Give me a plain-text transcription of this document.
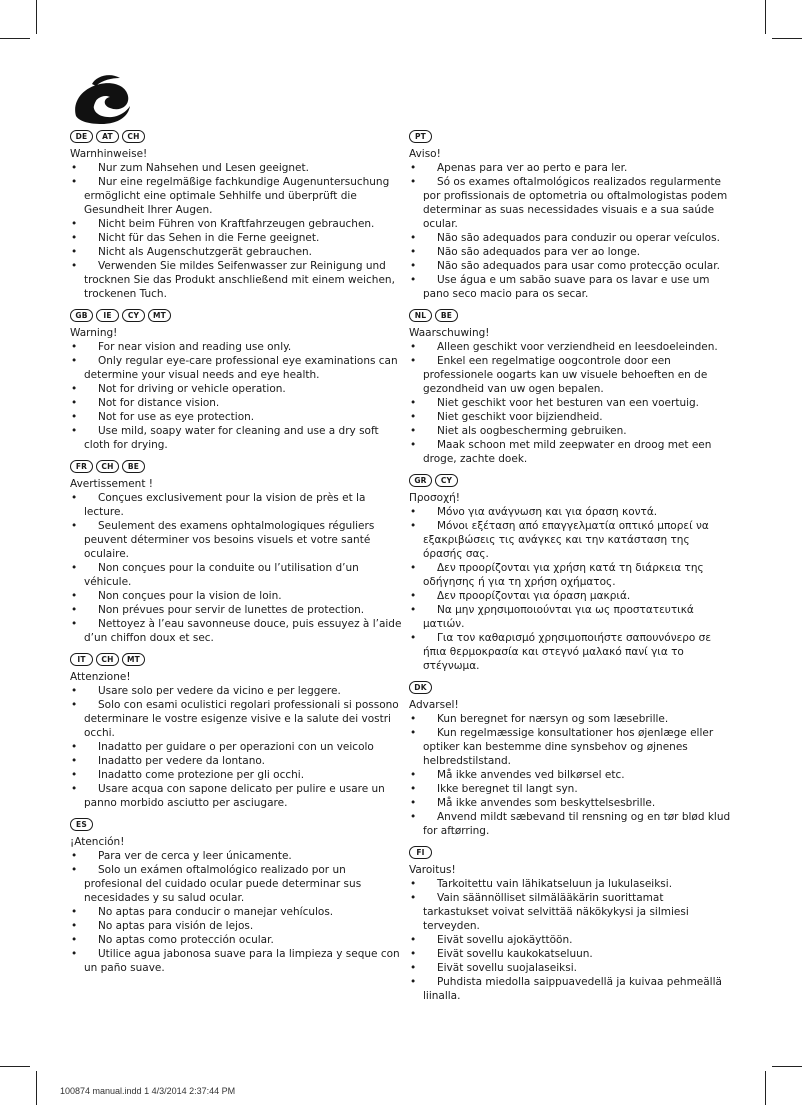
DE	AT	CH
Warnhinweise!
• Nur zum Nahsehen und Lesen geeignet.
• Nur eine regelmäßige fachkundige Augenuntersuchung ermöglicht eine optimale Sehhilfe und überprüft die Gesundheit Ihrer Augen.
• Nicht beim Führen von Kraftfahrzeugen gebrauchen.
• Nicht für das Sehen in die Ferne geeignet.
• Nicht als Augenschutzgerät gebrauchen.
• Verwenden Sie mildes Seifenwasser zur Reinigung und trocknen Sie das Produkt anschließend mit einem weichen, trockenen Tuch.
GB	IE	CY	MT
Warning!
• For near vision and reading use only.
• Only regular eye-care professional eye examinations can determine your visual needs and eye health.
• Not for driving or vehicle operation.
• Not for distance vision.
• Not for use as eye protection.
• Use mild, soapy water for cleaning and use a dry soft cloth for drying.
FR	CH	BE
Avertissement !
• Conçues exclusivement pour la vision de près et la lecture.
• Seulement des examens ophtalmologiques réguliers peuvent déterminer vos besoins visuels et votre santé oculaire.
• Non conçues pour la conduite ou l’utilisation d’un véhicule.
• Non conçues pour la vision de loin.
• Non prévues pour servir de lunettes de protection.
• Nettoyez à l’eau savonneuse douce, puis essuyez à l’aide d’un chiffon doux et sec.
IT	CH	MT
Attenzione!
• Usare solo per vedere da vicino e per leggere.
• Solo con esami oculistici regolari professionali si possono determinare le vostre esigenze visive e la salute dei vostri occhi.
• Inadatto per guidare o per operazioni con un veicolo
• Inadatto per vedere da lontano.
• Inadatto come protezione per gli occhi.
• Usare acqua con sapone delicato per pulire e usare un panno morbido asciutto per asciugare.
ES
¡Atención!
• Para ver de cerca y leer únicamente.
• Solo un exámen oftalmológico realizado por un profesional del cuidado ocular puede determinar sus necesidades y su salud ocular.
• No aptas para conducir o manejar vehículos.
• No aptas para visión de lejos.
• No aptas como protección ocular.
• Utilice agua jabonosa suave para la limpieza y seque con un paño suave.
PT
Aviso!
• Apenas para ver ao perto e para ler.
• Só os exames oftalmológicos realizados regularmente por profissionais de optometria ou oftalmologistas podem determinar as suas necessidades visuais e a sua saúde ocular.
• Não são adequados para conduzir ou operar veículos.
• Não são adequados para ver ao longe.
• Não são adequados para usar como protecção ocular.
• Use água e um sabão suave para os lavar e use um pano seco macio para os secar.
NL	BE
Waarschuwing!
• Alleen geschikt voor verziendheid en leesdoeleinden.
• Enkel een regelmatige oogcontrole door een professionele oogarts kan uw visuele behoeften en de gezondheid van uw ogen bepalen.
• Niet geschikt voor het besturen van een voertuig.
• Niet geschikt voor bijziendheid.
• Niet als oogbescherming gebruiken.
• Maak schoon met mild zeepwater en droog met een droge, zachte doek.
GR	CY
Προσοχή!
• Μόνο για ανάγνωση και για όραση κοντά.
• Μόνοι εξέταση από επαγγελματία οπτικό μπορεί να εξακριβώσεις τις ανάγκες και την κατάσταση της όρασής σας.
• Δεν προορίζονται για χρήση κατά τη διάρκεια της οδήγησης ή για τη χρήση οχήματος.
• Δεν προορίζονται για όραση μακριά.
• Να μην χρησιμοποιούνται για ως προστατευτικά ματιών.
• Για τον καθαρισμό χρησιμοποιήστε σαπουνόνερο σε ήπια θερμοκρασία και στεγνό μαλακό πανί για το στέγνωμα.
DK
Advarsel!
• Kun beregnet for nærsyn og som læsebrille.
• Kun regelmæssige konsultationer hos øjenlæge eller optiker kan bestemme dine synsbehov og øjnenes helbredstilstand.
• Må ikke anvendes ved bilkørsel etc.
• Ikke beregnet til langt syn.
• Må ikke anvendes som beskyttelsesbrille.
• Anvend mildt sæbevand til rensning og en tør blød klud for aftørring.
FI
Varoitus!
• Tarkoitettu vain lähikatseluun ja lukulaseiksi.
• Vain säännölliset silmälääkärin suorittamat tarkastukset voivat selvittää näkökykysi ja silmiesi terveyden.
• Eivät sovellu ajokäyttöön.
• Eivät sovellu kaukokatseluun.
• Eivät sovellu suojalaseiksi.
• Puhdista miedolla saippuavedellä ja kuivaa pehmeällä liinalla.
100874 manual.indd 1 4/3/2014 2:37:44 PM
